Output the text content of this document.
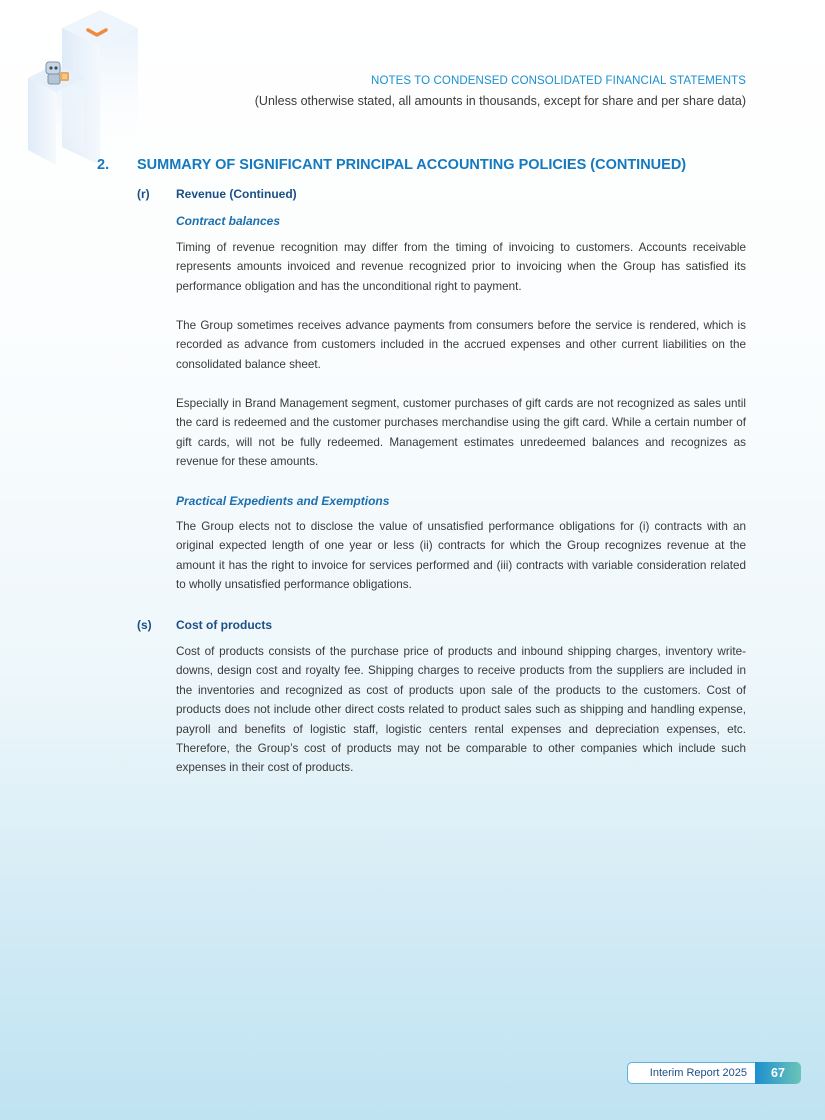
NOTES TO CONDENSED CONSOLIDATED FINANCIAL STATEMENTS
(Unless otherwise stated, all amounts in thousands, except for share and per share data)
2. SUMMARY OF SIGNIFICANT PRINCIPAL ACCOUNTING POLICIES (CONTINUED)
(r) Revenue (Continued)
Contract balances

Timing of revenue recognition may differ from the timing of invoicing to customers. Accounts receivable represents amounts invoiced and revenue recognized prior to invoicing when the Group has satisfied its performance obligation and has the unconditional right to payment.

The Group sometimes receives advance payments from consumers before the service is rendered, which is recorded as advance from customers included in the accrued expenses and other current liabilities on the consolidated balance sheet.

Especially in Brand Management segment, customer purchases of gift cards are not recognized as sales until the card is redeemed and the customer purchases merchandise using the gift card. While a certain number of gift cards, will not be fully redeemed. Management estimates unredeemed balances and recognizes as revenue for these amounts.

Practical Expedients and Exemptions

The Group elects not to disclose the value of unsatisfied performance obligations for (i) contracts with an original expected length of one year or less (ii) contracts for which the Group recognizes revenue at the amount it has the right to invoice for services performed and (iii) contracts with variable consideration related to wholly unsatisfied performance obligations.

(s) Cost of products

Cost of products consists of the purchase price of products and inbound shipping charges, inventory write-downs, design cost and royalty fee. Shipping charges to receive products from the suppliers are included in the inventories and recognized as cost of products upon sale of the products to the customers. Cost of products does not include other direct costs related to product sales such as shipping and handling expense, payroll and benefits of logistic staff, logistic centers rental expenses and depreciation expenses, etc. Therefore, the Group’s cost of products may not be comparable to other companies which include such expenses in their cost of products.

Interim Report 2025	67
